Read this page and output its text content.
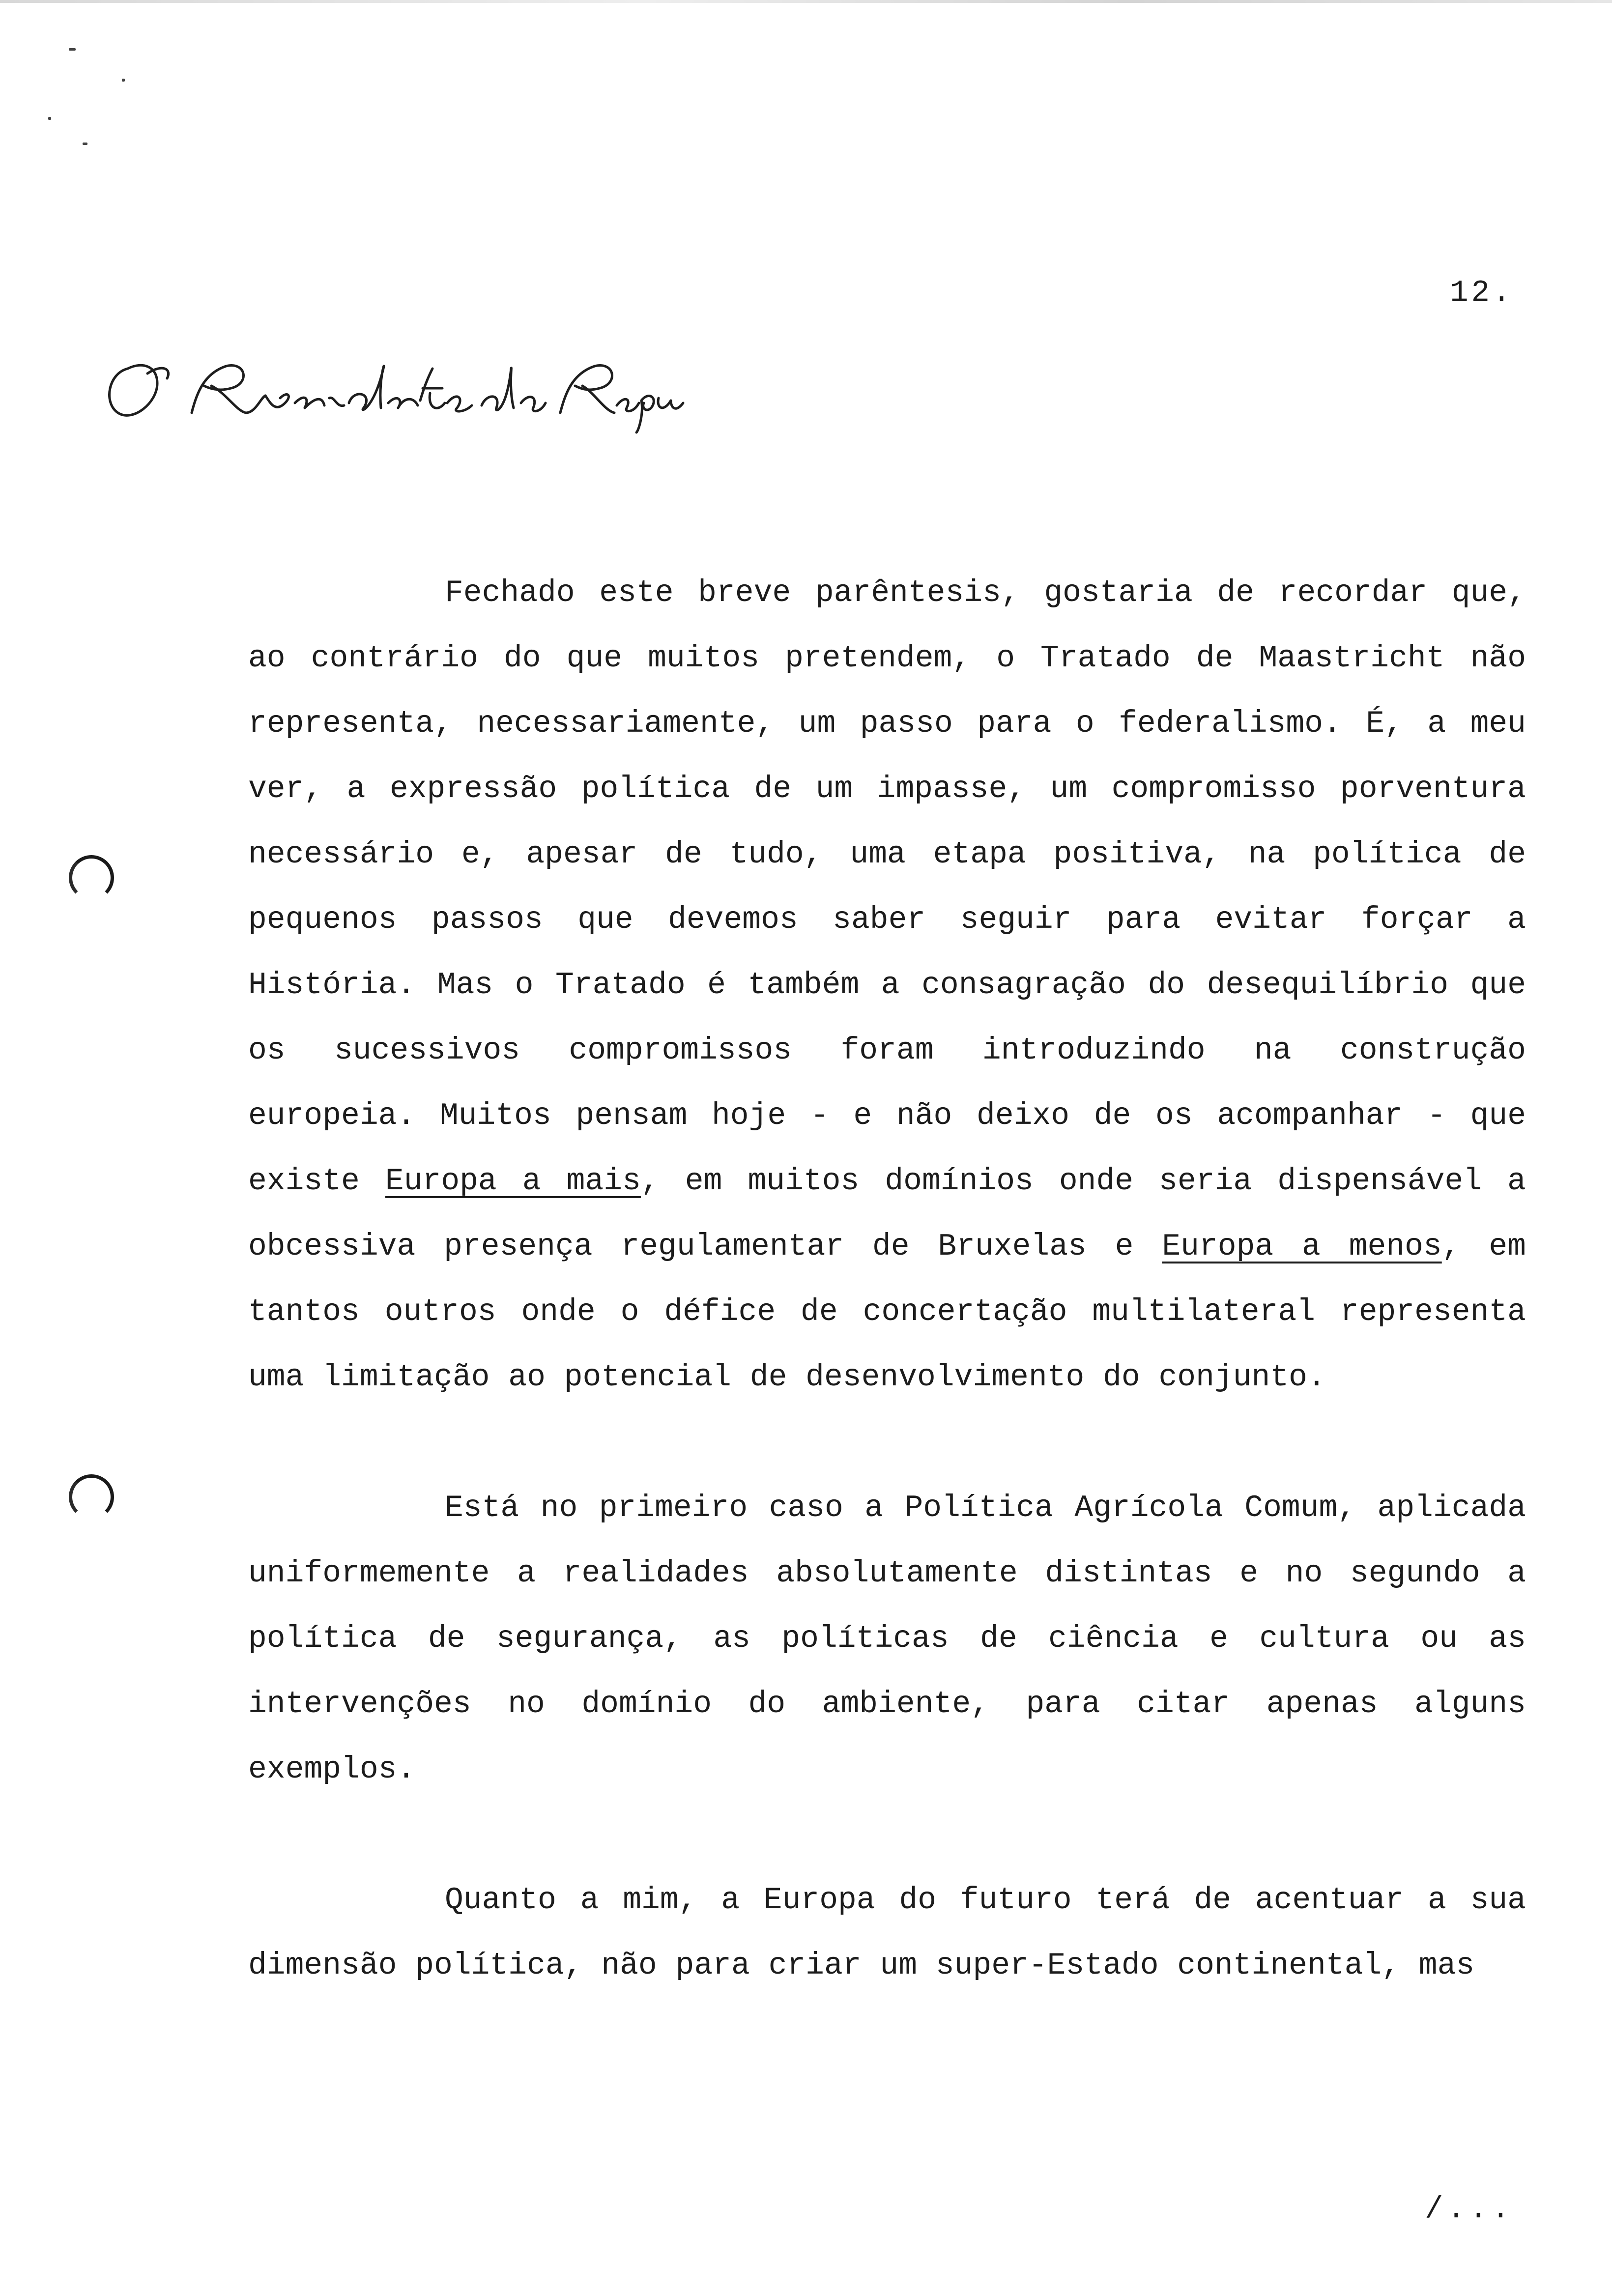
12.

Fechado este breve parêntesis, gostaria de recordar que, ao contrário do que muitos pretendem, o Tratado de Maastricht não representa, necessariamente, um passo para o federalismo. É, a meu ver, a expressão política de um impasse, um compromisso porventura necessário e, apesar de tudo, uma etapa positiva, na política de pequenos passos que devemos saber seguir para evitar forçar a História. Mas o Tratado é também a consagração do desequilíbrio que os sucessivos compromissos foram introduzindo na construção europeia. Muitos pensam hoje - e não deixo de os acompanhar - que existe Europa a mais, em muitos domínios onde seria dispensável a obcessiva presença regulamentar de Bruxelas e Europa a menos, em tantos outros onde o défice de concertação multilateral representa uma limitação ao potencial de desenvolvimento do conjunto.

Está no primeiro caso a Política Agrícola Comum, aplicada uniformemente a realidades absolutamente distintas e no segundo a política de segurança, as políticas de ciência e cultura ou as intervenções no domínio do ambiente, para citar apenas alguns exemplos.

Quanto a mim, a Europa do futuro terá de acentuar a sua dimensão política, não para criar um super-Estado continental, mas

/...
